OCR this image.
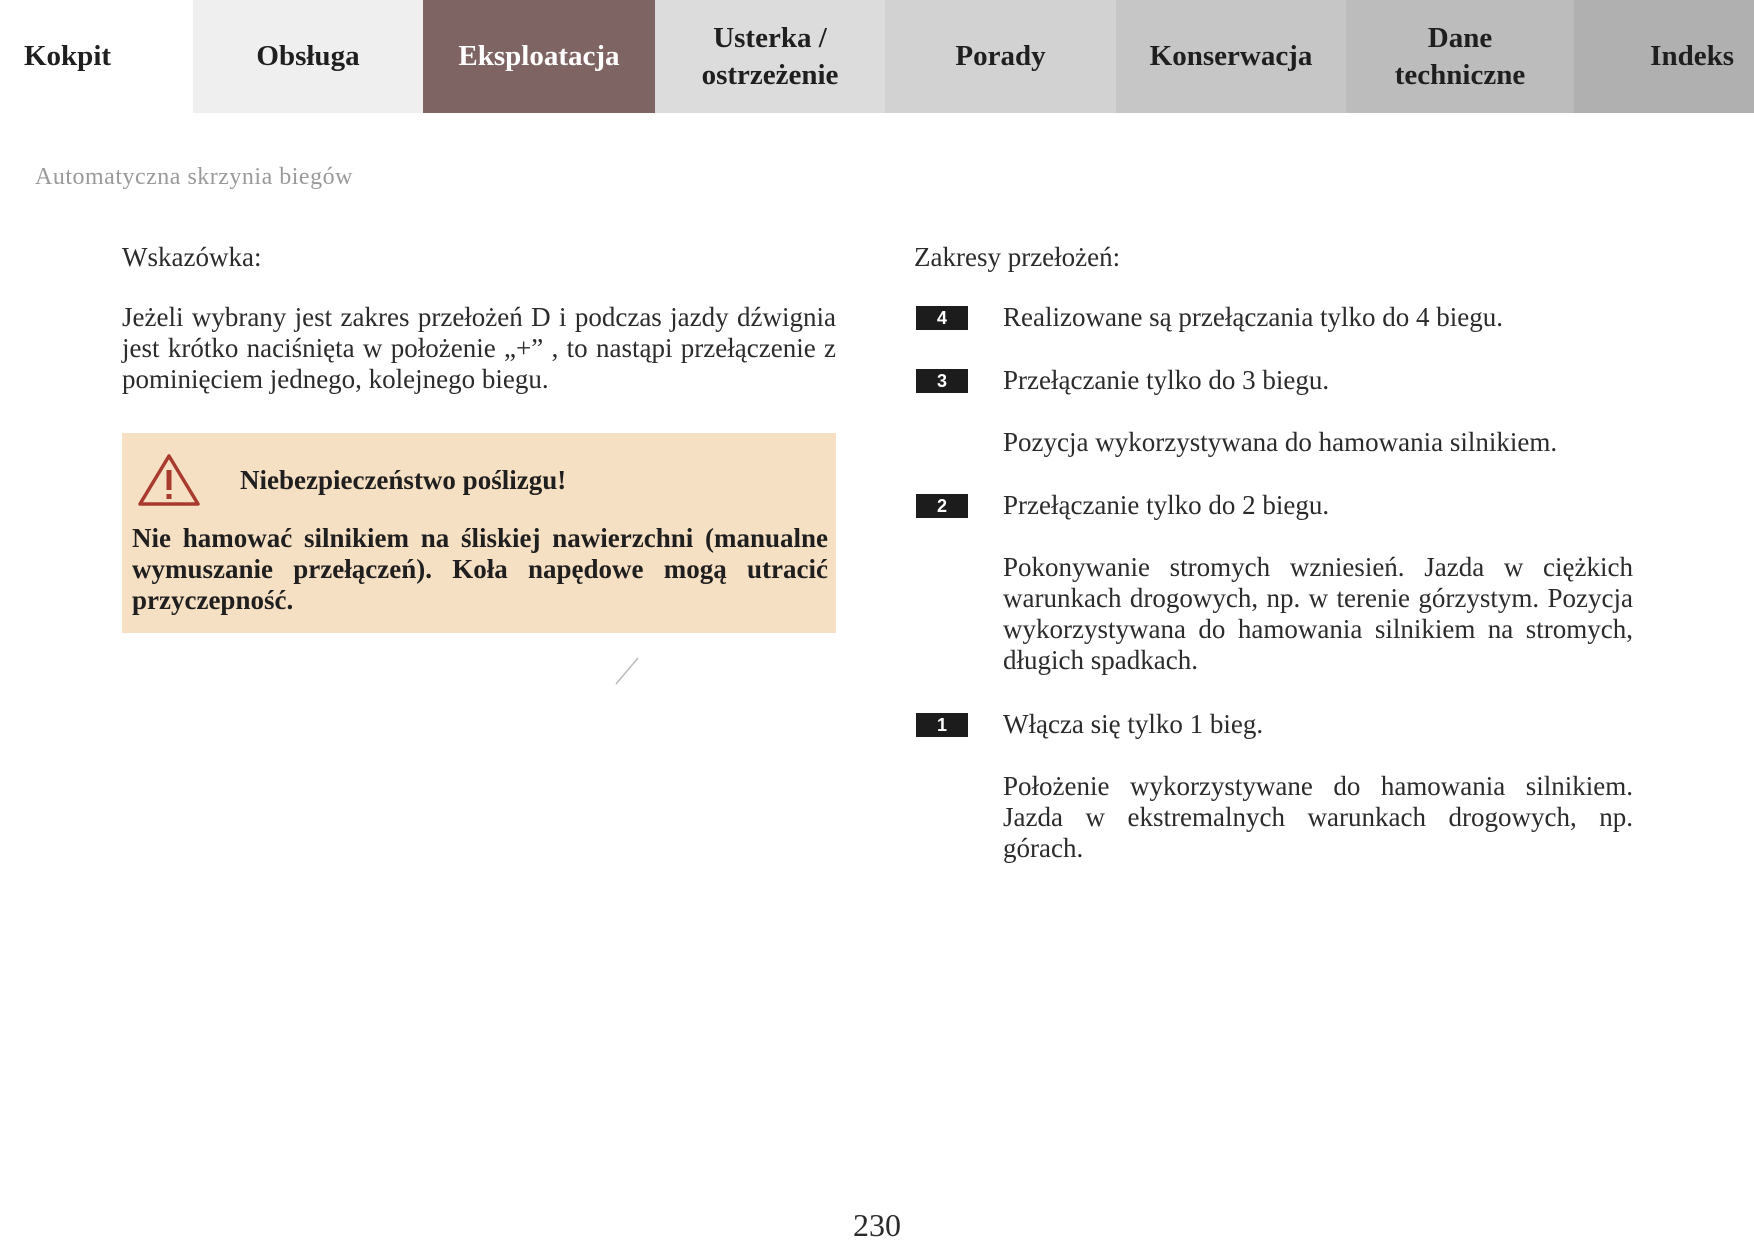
Kokpit	Obsługa	Eksploatacja
Usterka /
ostrzeżenie
Porady	Konserwacja
Dane
techniczne
Indeks
Automatyczna skrzynia biegów

Wskazówka:

Jeżeli wybrany jest zakres przełożeń D i podczas jazdy dźwignia jest krótko naciśnięta w położenie „+” , to nastąpi przełączenie z pominięciem jednego, kolejnego biegu.
Niebezpieczeństwo poślizgu!
Nie hamować silnikiem na śliskiej nawierzchni (manualne wymuszanie przełączeń). Koła napędowe mogą utracić przyczepność.

Zakresy przełożeń:

4	Realizowane są przełączania tylko do 4 biegu.
3	Przełączanie tylko do 3 biegu.
Pozycja wykorzystywana do hamowania silnikiem.
2	Przełączanie tylko do 2 biegu.
Pokonywanie stromych wzniesień. Jazda w ciężkich warunkach drogowych, np. w terenie górzystym. Pozycja wykorzystywana do hamowania silnikiem na stromych, długich spadkach.
1	Włącza się tylko 1 bieg.
Położenie wykorzystywane do hamowania silnikiem. Jazda w ekstremalnych warunkach drogowych, np. górach.
230
